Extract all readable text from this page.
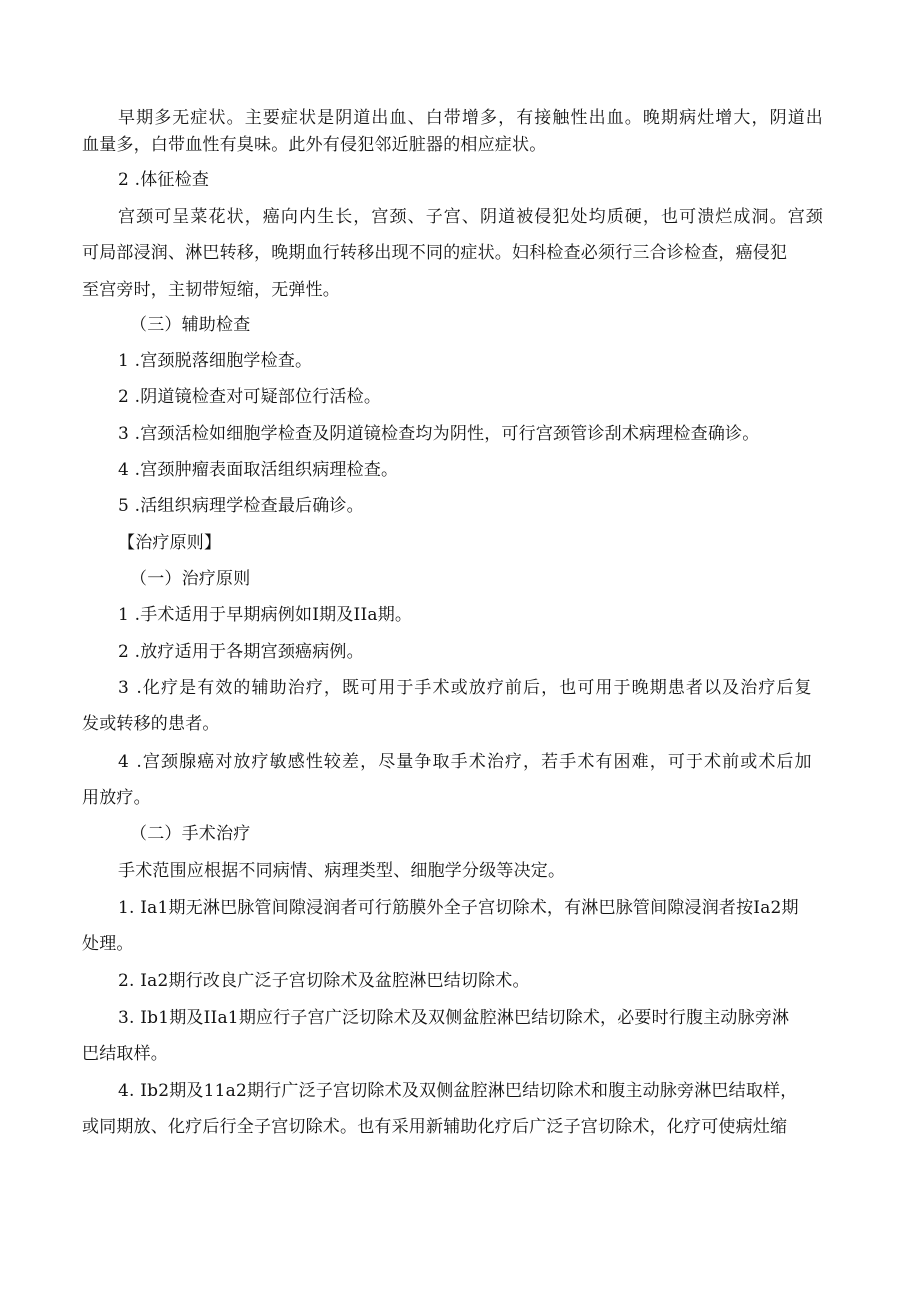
早期多无症状。主要症状是阴道出血、白带增多，有接触性出血。晚期病灶增大，阴道出
血量多，白带血性有臭味。此外有侵犯邻近脏器的相应症状。
2 .体征检查
宫颈可呈菜花状，癌向内生长，宫颈、子宫、阴道被侵犯处均质硬，也可溃烂成洞。宫颈
可局部浸润、淋巴转移，晚期血行转移出现不同的症状。妇科检查必须行三合诊检查，癌侵犯
至宫旁时，主韧带短缩，无弹性。
（三）辅助检查
1 .宫颈脱落细胞学检查。
2 .阴道镜检查对可疑部位行活检。
3 .宫颈活检如细胞学检查及阴道镜检查均为阴性，可行宫颈管诊刮术病理检查确诊。
4 .宫颈肿瘤表面取活组织病理检查。
5 .活组织病理学检查最后确诊。
【治疗原则】
（一）治疗原则
1 .手术适用于早期病例如I期及IIa期。
2 .放疗适用于各期宫颈癌病例。
3 .化疗是有效的辅助治疗，既可用于手术或放疗前后，也可用于晚期患者以及治疗后复
发或转移的患者。
4 .宫颈腺癌对放疗敏感性较差，尽量争取手术治疗，若手术有困难，可于术前或术后加
用放疗。
（二）手术治疗
手术范围应根据不同病情、病理类型、细胞学分级等决定。
1. Ia1期无淋巴脉管间隙浸润者可行筋膜外全子宫切除术，有淋巴脉管间隙浸润者按Ia2期
处理。
2. Ia2期行改良广泛子宫切除术及盆腔淋巴结切除术。
3. Ib1期及IIa1期应行子宫广泛切除术及双侧盆腔淋巴结切除术，必要时行腹主动脉旁淋
巴结取样。
4. Ib2期及11a2期行广泛子宫切除术及双侧盆腔淋巴结切除术和腹主动脉旁淋巴结取样，
或同期放、化疗后行全子宫切除术。也有采用新辅助化疗后广泛子宫切除术，化疗可使病灶缩
